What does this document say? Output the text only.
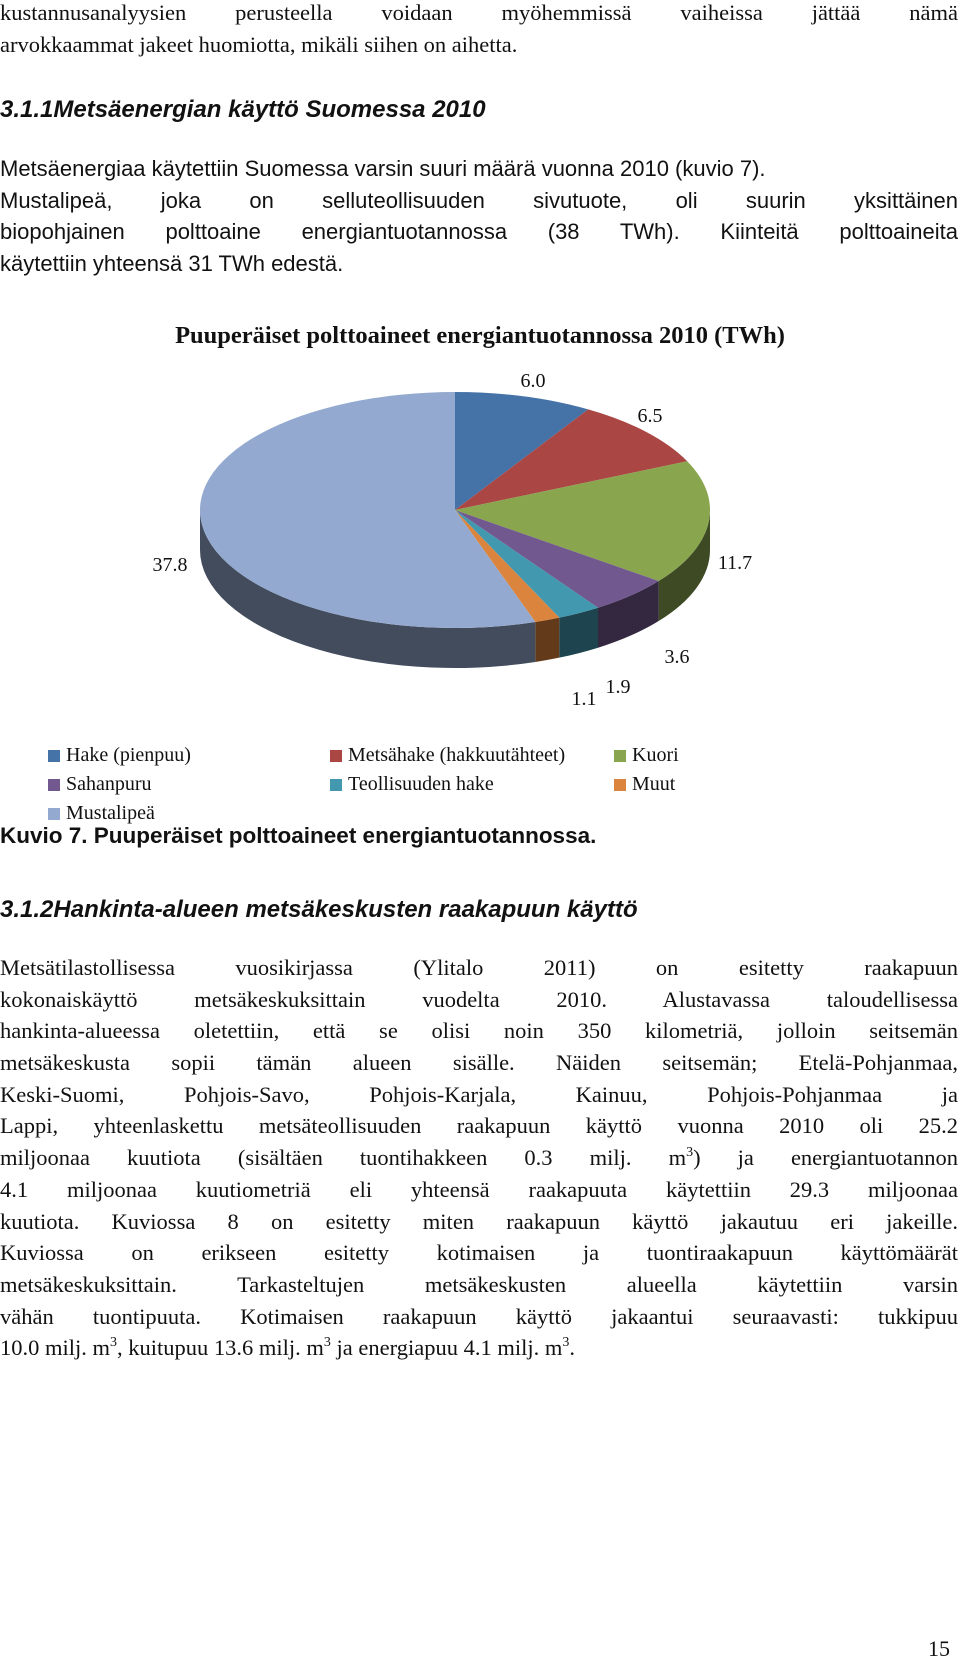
kustannusanalyysien perusteella voidaan myöhemmissä vaiheissa jättää nämä
arvokkaammat jakeet huomiotta, mikäli siihen on aihetta.
3.1.1Metsäenergian käyttö Suomessa 2010
Metsäenergiaa käytettiin Suomessa varsin suuri määrä vuonna 2010 (kuvio 7).
Mustalipeä, joka on selluteollisuuden sivutuote, oli suurin yksittäinen
biopohjainen polttoaine energiantuotannossa (38 TWh). Kiinteitä polttoaineita
käytettiin yhteensä 31 TWh edestä.
Puuperäiset polttoaineet energiantuotannossa 2010 (TWh)
6.0
6.5
11.7
3.6
1.9
1.1
37.8
Hake (pienpuu)	Metsähake (hakkuutähteet)	Kuori
Sahanpuru	Teollisuuden hake	Muut
Mustalipeä
Kuvio 7. Puuperäiset polttoaineet energiantuotannossa.
3.1.2Hankinta-alueen metsäkeskusten raakapuun käyttö
Metsätilastollisessa vuosikirjassa (Ylitalo 2011) on esitetty raakapuun
kokonaiskäyttö metsäkeskuksittain vuodelta 2010. Alustavassa taloudellisessa
hankinta-alueessa oletettiin, että se olisi noin 350 kilometriä, jolloin seitsemän
metsäkeskusta sopii tämän alueen sisälle. Näiden seitsemän; Etelä-Pohjanmaa,
Keski-Suomi, Pohjois-Savo, Pohjois-Karjala, Kainuu, Pohjois-Pohjanmaa ja
Lappi, yhteenlaskettu metsäteollisuuden raakapuun käyttö vuonna 2010 oli 25.2
miljoonaa kuutiota (sisältäen tuontihakkeen 0.3 milj. $m^3$) ja energiantuotannon
4.1 miljoonaa kuutiometriä eli yhteensä raakapuuta käytettiin 29.3 miljoonaa
kuutiota. Kuviossa 8 on esitetty miten raakapuun käyttö jakautuu eri jakeille.
Kuviossa on erikseen esitetty kotimaisen ja tuontiraakapuun käyttömäärät
metsäkeskuksittain. Tarkasteltujen metsäkeskusten alueella käytettiin varsin
vähän tuontipuuta. Kotimaisen raakapuun käyttö jakaantui seuraavasti: tukkipuu
10.0 milj. $m^3$, kuitupuu 13.6 milj. $m^3$ ja energiapuu 4.1 milj. $m^3$.
15
